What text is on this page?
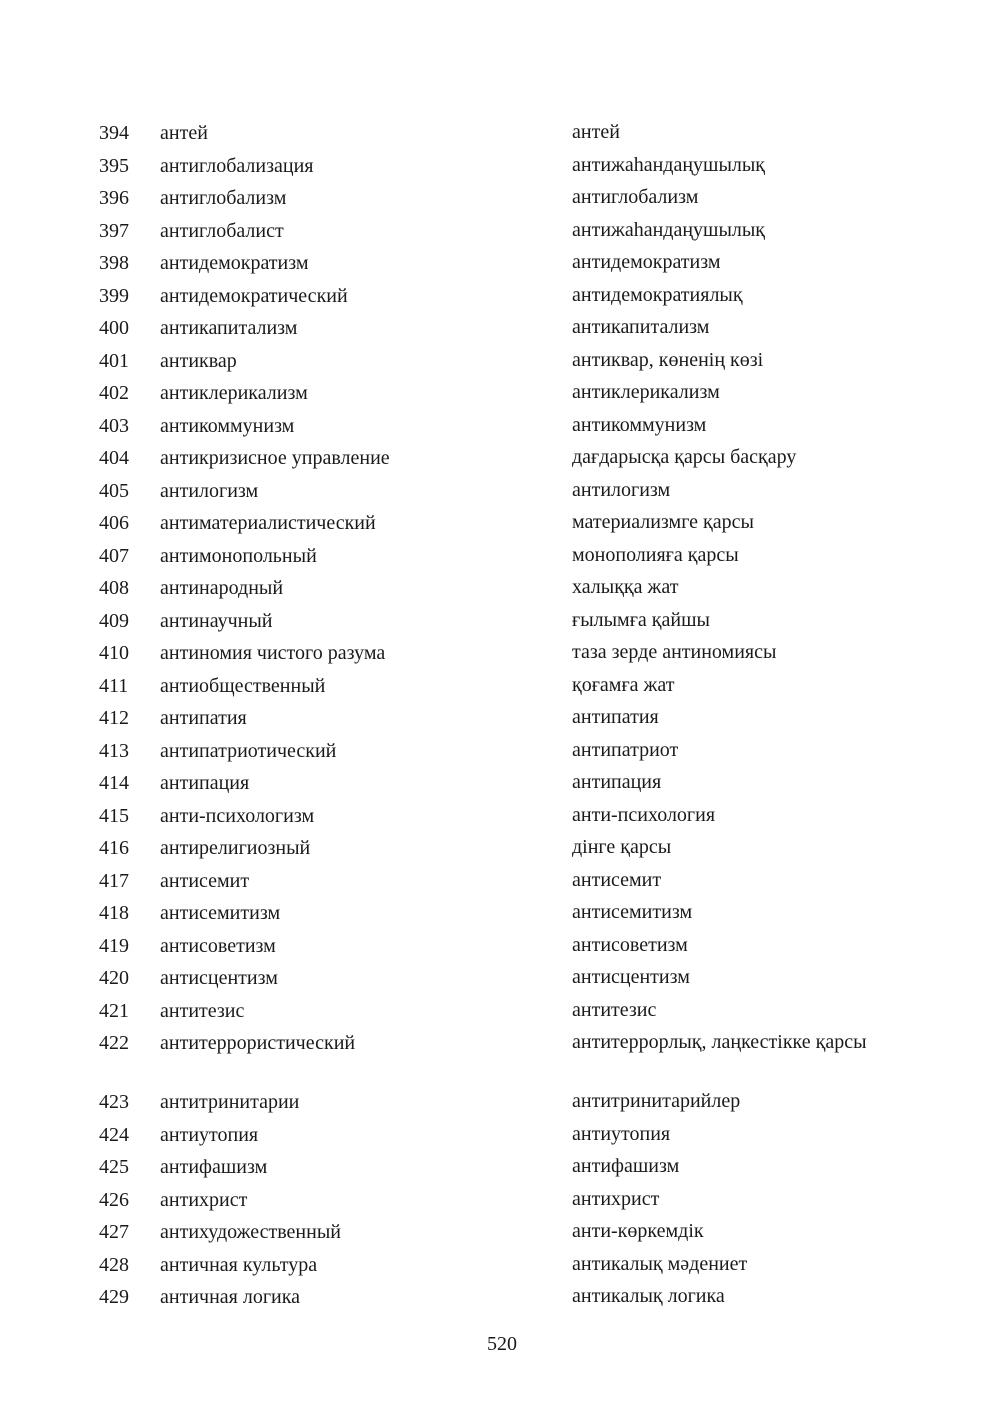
394 антей	антей
395 антиглобализация	антижаһандаңушылық
396 антиглобализм	антиглобализм
397 антиглобалист	антижаһандаңушылық
398 антидемократизм	антидемократизм
399 антидемократический	антидемократиялық
400 антикапитализм	антикапитализм
401 антиквар	антиквар, көненің көзі
402 антиклерикализм	антиклерикализм
403 антикоммунизм	антикоммунизм
404 антикризисное управление	дағдарысқа қарсы басқару
405 антилогизм	антилогизм
406 антиматериалистический	материализмге қарсы
407 антимонопольный	монополияға қарсы
408 антинародный	халыққа жат
409 антинаучный	ғылымға қайшы
410 антиномия чистого разума	таза зерде антиномиясы
411 антиобщественный	қоғамға жат
412 антипатия	антипатия
413 антипатриотический	антипатриот
414 антипация	антипация
415 анти-психологизм	анти-психология
416 антирелигиозный	дінге қарсы
417 антисемит	антисемит
418 антисемитизм	антисемитизм
419 антисоветизм	антисоветизм
420 антисцентизм	антисцентизм
421 антитезис	антитезис
422 антитеррористический	антитеррорлық, лаңкестікке қарсы
423 антитринитарии	антитринитарийлер
424 антиутопия	антиутопия
425 антифашизм	антифашизм
426 антихрист	антихрист
427 антихудожественный	анти-көркемдік
428 античная культура	антикалық мәдениет
429 античная логика	антикалық логика
520
